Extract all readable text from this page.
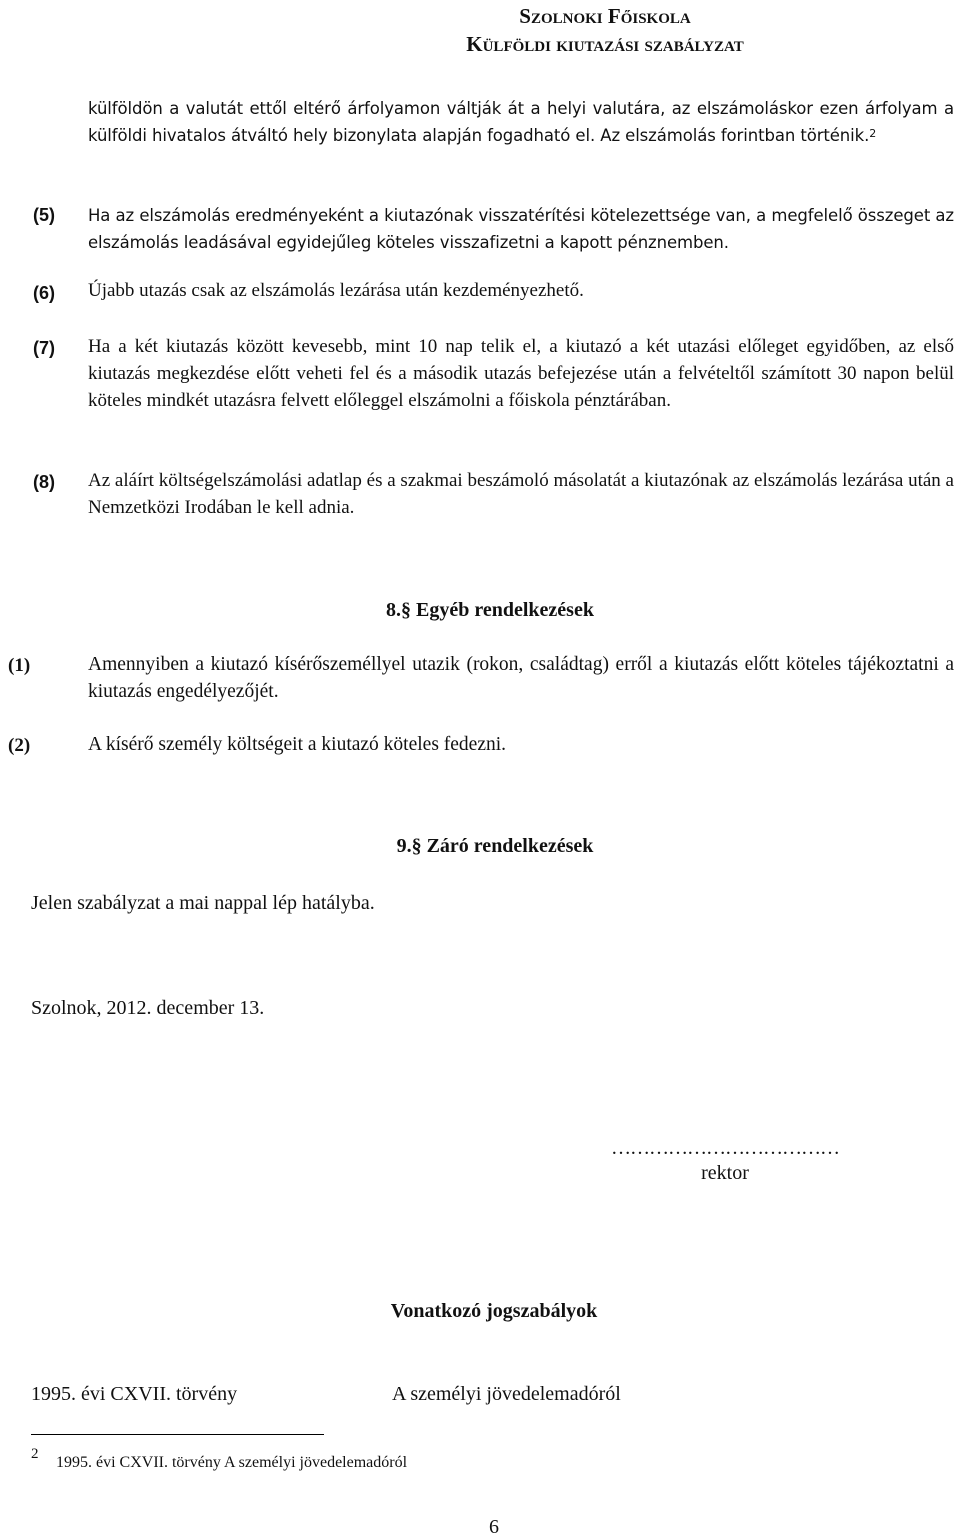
Szolnoki Főiskola
Külföldi kiutazási szabályzat
külföldön a valutát ettől eltérő árfolyamon váltják át a helyi valutára, az elszámoláskor ezen árfolyam a külföldi hivatalos átváltó hely bizonylata alapján fogadható el. Az elszámolás forintban történik.$^2$
(5) Ha az elszámolás eredményeként a kiutazónak visszatérítési kötelezettsége van, a megfelelő összeget az elszámolás leadásával egyidejűleg köteles visszafizetni a kapott pénznemben.
(6) Újabb utazás csak az elszámolás lezárása után kezdeményezhető.
(7) Ha a két kiutazás között kevesebb, mint 10 nap telik el, a kiutazó a két utazási előleget egyidőben, az első kiutazás megkezdése előtt veheti fel és a második utazás befejezése után a felvételtől számított 30 napon belül köteles mindkét utazásra felvett előleggel elszámolni a főiskola pénztárában.
(8) Az aláírt költségelszámolási adatlap és a szakmai beszámoló másolatát a kiutazónak az elszámolás lezárása után a Nemzetközi Irodában le kell adnia.
8.§ Egyéb rendelkezések
(1)	Amennyiben a kiutazó kísérőszeméllyel utazik (rokon, családtag) erről a kiutazás előtt köteles tájékoztatni a kiutazás engedélyezőjét.
(2)	A kísérő személy költségeit a kiutazó köteles fedezni.
9.§ Záró rendelkezések
Jelen szabályzat a mai nappal lép hatályba.
Szolnok, 2012. december 13.
………………………………
rektor
Vonatkozó jogszabályok
1995. évi CXVII. törvény	A személyi jövedelemadóról
2 1995. évi CXVII. törvény A személyi jövedelemadóról
6
